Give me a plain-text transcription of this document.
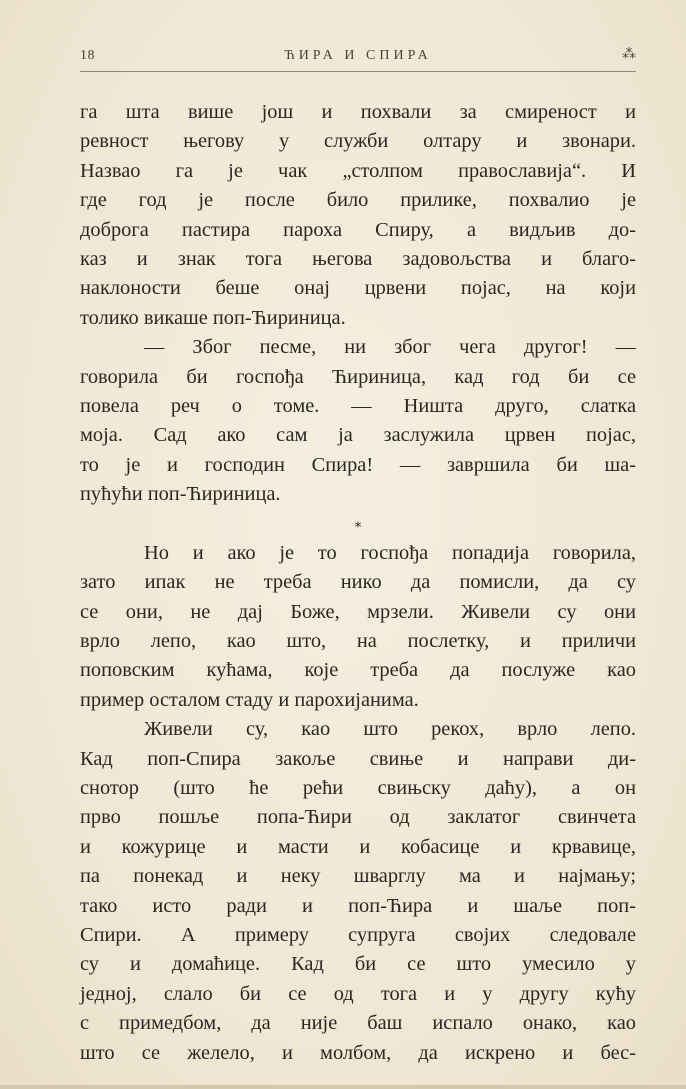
18	ЋИРА И СПИРА	⁂
га шта више још и похвали за смиреност и
ревност његову у служби олтару и звонари.
Назвао га је чак „столпом православија“. И
где год је после било прилике, похвалио је
доброга пастира пароха Спиру, а видљив до-
каз и знак тога његова задовољства и благо-
наклоности беше онај црвени појас, на који
толико викаше поп-Ћириница.
— Због песме, ни због чега другог! —
говорила би госпођа Ћириница, кад год би се
повела реч о томе. — Ништа друго, слатка
моја. Сад ако сам ја заслужила црвен појас,
то је и господин Спира! — завршила би ша-
пућући поп-Ћириница.
⁎
Но и ако је то госпођа попадија говорила,
зато ипак не треба нико да помисли, да су
се они, не дај Боже, мрзели. Живели су они
врло лепо, као што, на послетку, и приличи
поповским кућама, које треба да послуже као
пример осталом стаду и парохијанима.
Живели су, као што рекох, врло лепо.
Кад поп-Спира закоље свиње и направи ди-
снотор (што ће рећи свињску даћу), а он
прво пошље попа-Ћири од заклатог свинчета
и кожурице и масти и кобасице и крвавице,
па понекад и неку шварглу ма и најмању;
тако исто ради и поп-Ћира и шаље поп-
Спири. А примеру супруга својих следовале
су и домаћице. Кад би се што умесило у
једној, слало би се од тога и у другу кућу
с примедбом, да није баш испало онако, као
што се желело, и молбом, да искрено и бес-
